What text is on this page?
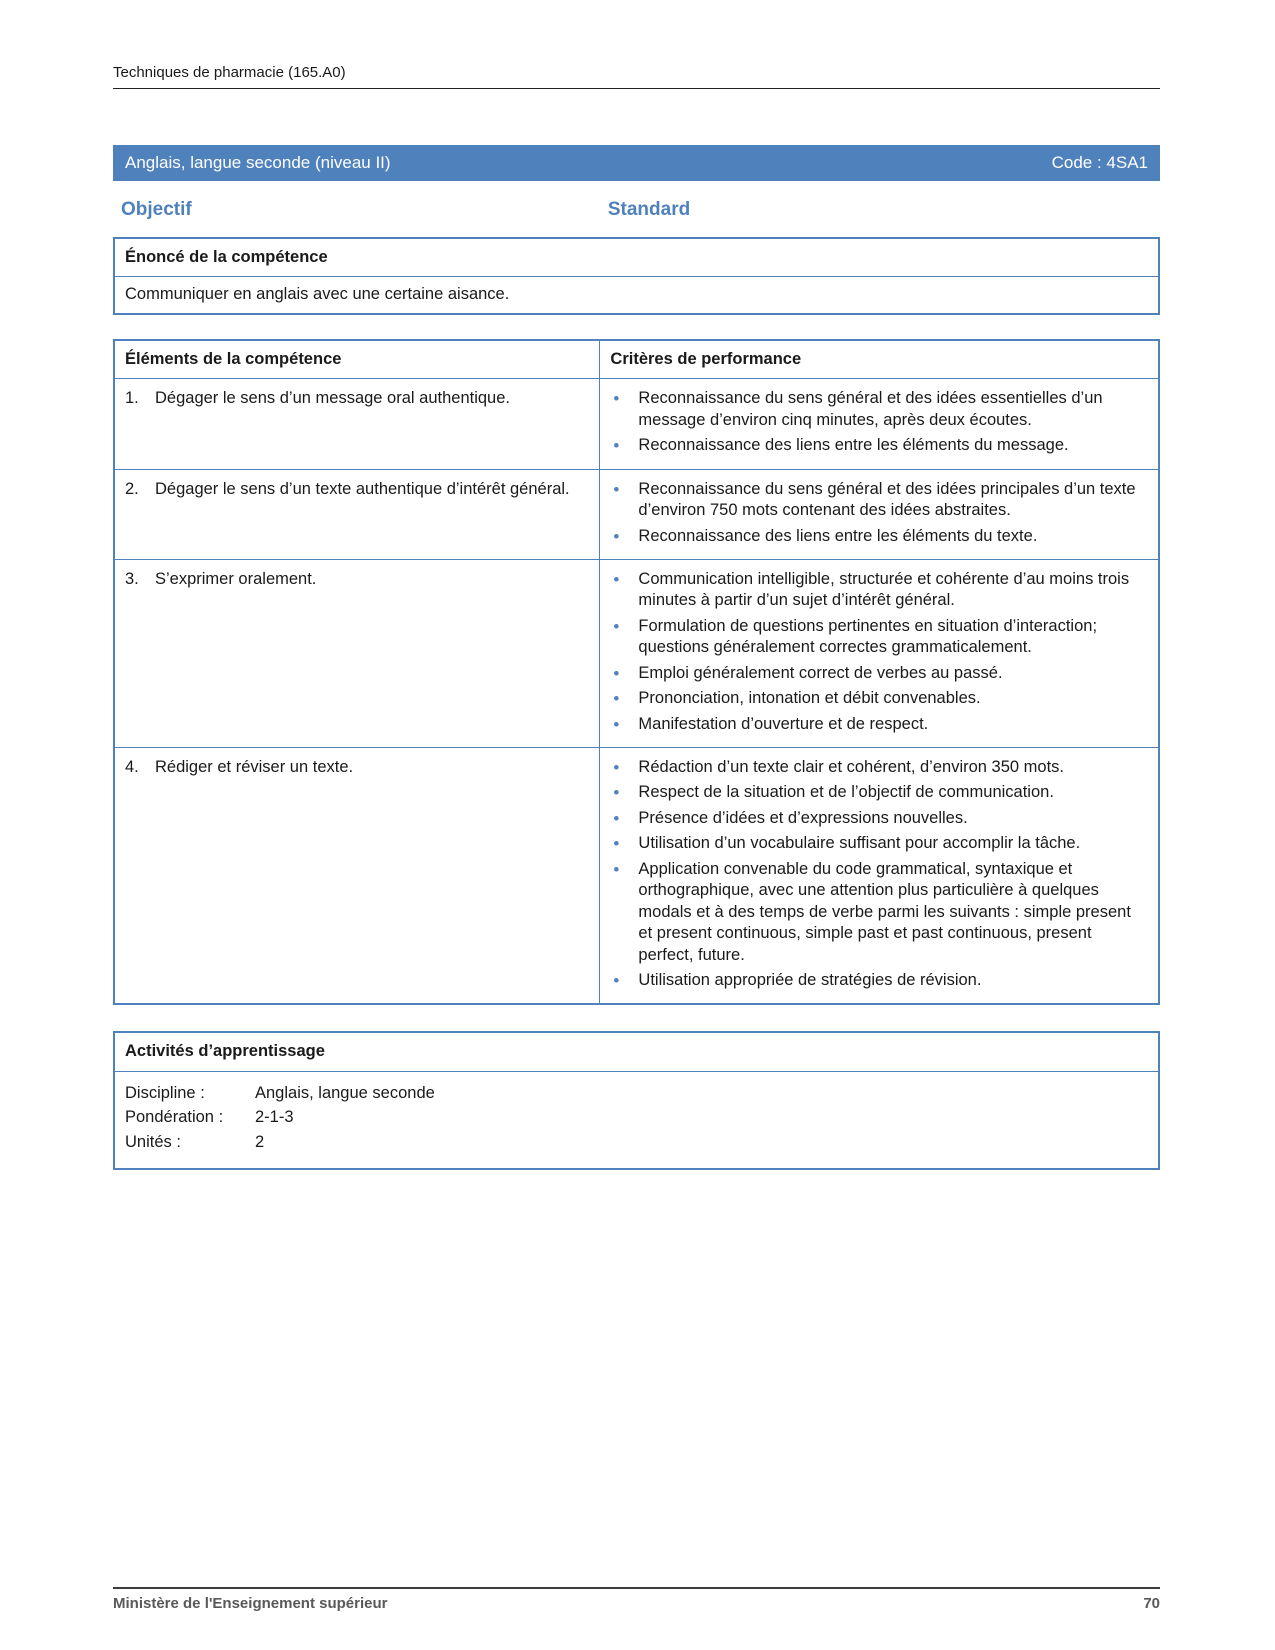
Techniques de pharmacie (165.A0)
Anglais, langue seconde (niveau II)	Code : 4SA1
Objectif	Standard
Énoncé de la compétence
Communiquer en anglais avec une certaine aisance.
Éléments de la compétence	Critères de performance

1. Dégager le sens d’un message oral authentique.	•	Reconnaissance du sens général et des idées essentielles d’un message d’environ cinq minutes, après deux écoutes.
•	Reconnaissance des liens entre les éléments du message.

2. Dégager le sens d’un texte authentique d’intérêt général.	•	Reconnaissance du sens général et des idées principales d’un texte d’environ 750 mots contenant des idées abstraites.
•	Reconnaissance des liens entre les éléments du texte.

3. S’exprimer oralement.	•	Communication intelligible, structurée et cohérente d’au moins trois minutes à partir d’un sujet d’intérêt général.
•	Formulation de questions pertinentes en situation d’interaction; questions généralement correctes grammaticalement.
•	Emploi généralement correct de verbes au passé.
•	Prononciation, intonation et débit convenables.
•	Manifestation d’ouverture et de respect.

4. Rédiger et réviser un texte.	•	Rédaction d’un texte clair et cohérent, d’environ 350 mots.
•	Respect de la situation et de l’objectif de communication.
•	Présence d’idées et d’expressions nouvelles.
•	Utilisation d’un vocabulaire suffisant pour accomplir la tâche.
•	Application convenable du code grammatical, syntaxique et orthographique, avec une attention plus particulière à quelques modals et à des temps de verbe parmi les suivants : simple present et present continuous, simple past et past continuous, present perfect, future.
•	Utilisation appropriée de stratégies de révision.
Activités d’apprentissage

Discipline :	Anglais, langue seconde
Pondération :	2-1-3
Unités :	2
Ministère de l'Enseignement supérieur	70
